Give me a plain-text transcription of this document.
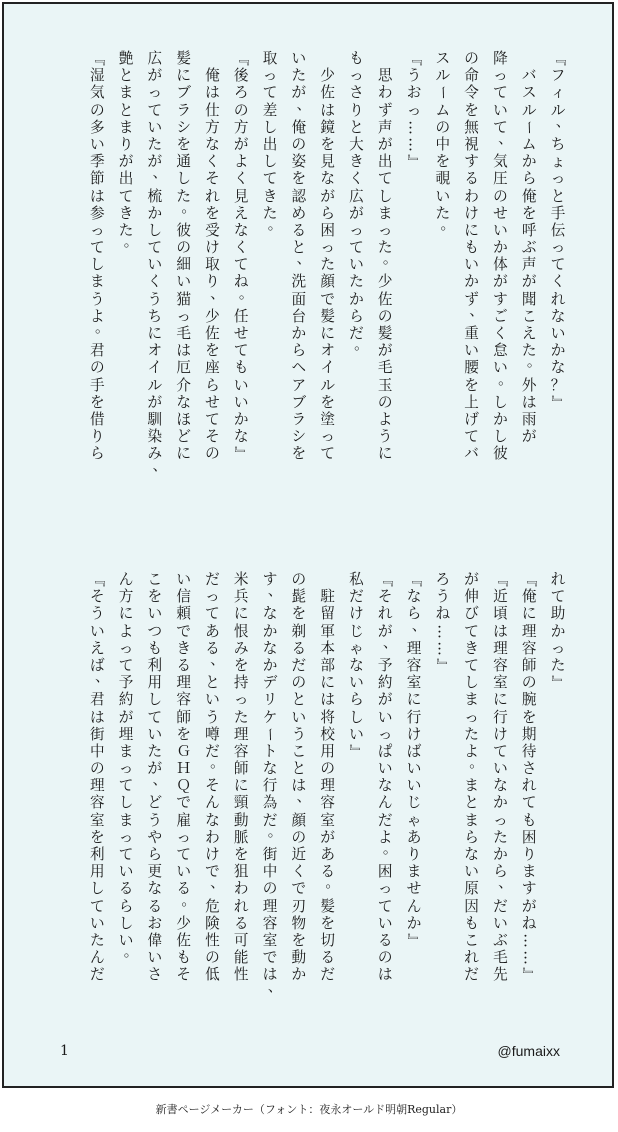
『
フ
ィ
ル
、
ち
ょ
っ
と
手
伝
っ
て
く
れ
な
い
か
な
？
』

バ
ス
ル
ー
ム
か
ら
俺
を
呼
ぶ
声
が
聞
こ
え
た
。
外
は
雨
が
降
っ
て
い
て
、
気
圧
の
せ
い
か
体
が
す
ご
く
怠
い
。
し
か
し
彼
の
命
令
を
無
視
す
る
わ
け
に
も
い
か
ず
、
重
い
腰
を
上
げ
て
バ
ス
ル
ー
ム
の
中
を
覗
い
た
。
『
う
お
っ
…
…
』

思
わ
ず
声
が
出
て
し
ま
っ
た
。
少
佐
の
髪
が
毛
玉
の
よ
う
に
も
っ
さ
り
と
大
き
く
広
が
っ
て
い
た
か
ら
だ
。

少
佐
は
鏡
を
見
な
が
ら
困
っ
た
顔
で
髪
に
オ
イ
ル
を
塗
っ
て
い
た
が
、
俺
の
姿
を
認
め
る
と
、
洗
面
台
か
ら
ヘ
ア
ブ
ラ
シ
を
取
っ
て
差
し
出
し
て
き
た
。
『
後
ろ
の
方
が
よ
く
見
え
な
く
て
ね
。
任
せ
て
も
い
い
か
な
』

俺
は
仕
方
な
く
そ
れ
を
受
け
取
り
、
少
佐
を
座
ら
せ
て
そ
の
髪
に
ブ
ラ
シ
を
通
し
た
。
彼
の
細
い
猫
っ
毛
は
厄
介
な
ほ
ど
に
広
が
っ
て
い
た
が
、
梳
か
し
て
い
く
う
ち
に
オ
イ
ル
が
馴
染
み
、
艶
と
ま
と
ま
り
が
出
て
き
た
。
『
湿
気
の
多
い
季
節
は
参
っ
て
し
ま
う
よ
。
君
の
手
を
借
り
ら
れ
て
助
か
っ
た
』
『
俺
に
理
容
師
の
腕
を
期
待
さ
れ
て
も
困
り
ま
す
が
ね
…
…
』
『
近
頃
は
理
容
室
に
行
け
て
い
な
か
っ
た
か
ら
、
だ
い
ぶ
毛
先
が
伸
び
て
き
て
し
ま
っ
た
よ
。
ま
と
ま
ら
な
い
原
因
も
こ
れ
だ
ろ
う
ね
…
…
』
『
な
ら
、
理
容
室
に
行
け
ば
い
い
じ
ゃ
あ
り
ま
せ
ん
か
』
『
そ
れ
が
、
予
約
が
い
っ
ぱ
い
な
ん
だ
よ
。
困
っ
て
い
る
の
は
私
だ
け
じ
ゃ
な
い
ら
し
い
』

駐
留
軍
本
部
に
は
将
校
用
の
理
容
室
が
あ
る
。
髪
を
切
る
だ
の
髭
を
剃
る
だ
の
と
い
う
こ
と
は
、
顔
の
近
く
で
刃
物
を
動
か
す
、
な
か
な
か
デ
リ
ケ
ー
ト
な
行
為
だ
。
街
中
の
理
容
室
で
は
、
米
兵
に
恨
み
を
持
っ
た
理
容
師
に
頸
動
脈
を
狙
わ
れ
る
可
能
性
だ
っ
て
あ
る
、
と
い
う
噂
だ
。
そ
ん
な
わ
け
で
、
危
険
性
の
低
い
信
頼
で
き
る
理
容
師
を
Ｇ
Ｈ
Ｑ
で
雇
っ
て
い
る
。
少
佐
も
そ
こ
を
い
つ
も
利
用
し
て
い
た
が
、
ど
う
や
ら
更
な
る
お
偉
い
さ
ん
方
に
よ
っ
て
予
約
が
埋
ま
っ
て
し
ま
っ
て
い
る
ら
し
い
。
『
そ
う
い
え
ば
、
君
は
街
中
の
理
容
室
を
利
用
し
て
い
た
ん
だ
1	@fumaixx
新書ページメーカー（フォント：夜永オールド明朝Regular）
